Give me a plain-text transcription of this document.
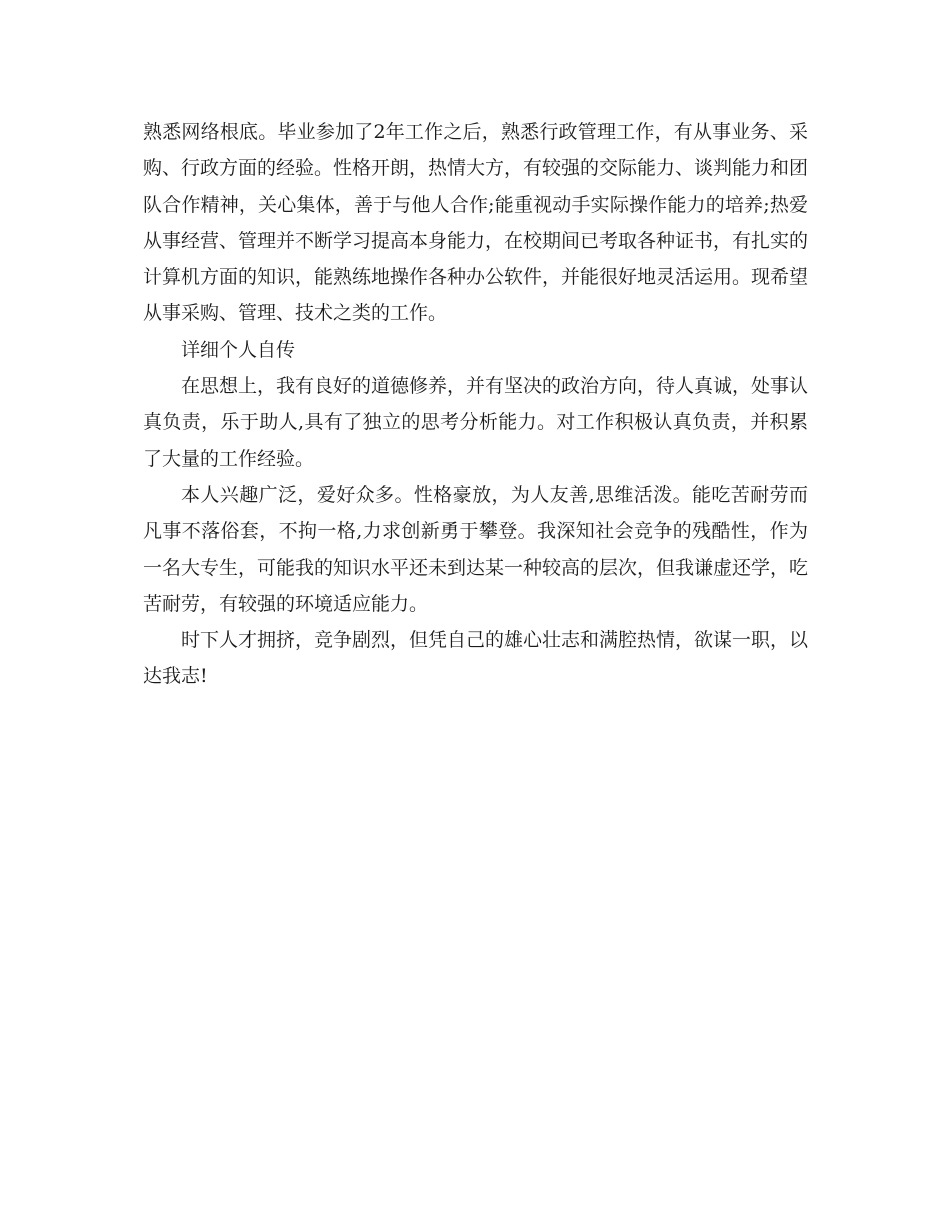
熟悉网络根底。毕业参加了2年工作之后，熟悉行政管理工作，有从事业务、采购、行政方面的经验。性格开朗，热情大方，有较强的交际能力、谈判能力和团队合作精神，关心集体，善于与他人合作;能重视动手实际操作能力的培养;热爱从事经营、管理并不断学习提高本身能力，在校期间已考取各种证书，有扎实的计算机方面的知识，能熟练地操作各种办公软件，并能很好地灵活运用。现希望从事采购、管理、技术之类的工作。

详细个人自传

在思想上，我有良好的道德修养，并有坚决的政治方向，待人真诚，处事认真负责，乐于助人,具有了独立的思考分析能力。对工作积极认真负责，并积累了大量的工作经验。

本人兴趣广泛，爱好众多。性格豪放，为人友善,思维活泼。能吃苦耐劳而凡事不落俗套，不拘一格,力求创新勇于攀登。我深知社会竞争的残酷性，作为一名大专生，可能我的知识水平还未到达某一种较高的层次，但我谦虚还学，吃苦耐劳，有较强的环境适应能力。

时下人才拥挤，竞争剧烈，但凭自己的雄心壮志和满腔热情，欲谋一职，以达我志!
